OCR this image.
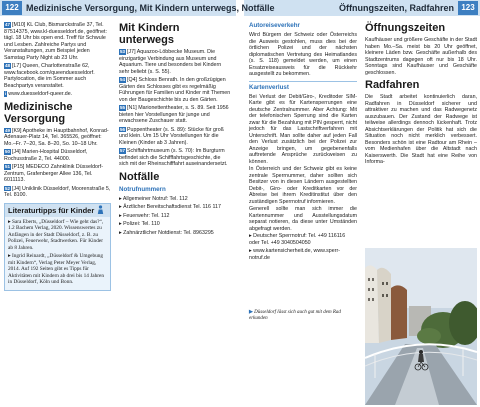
122 Medizinische Versorgung, Mit Kindern unterwegs, Notfälle	Öffnungszeiten, Radfahren 123
47 [M10] KL Club, Bismarckstraße 37, Tel. 87514375, www.kl-duesseldorf.de, geöffnet: tägl. 18 Uhr bis open end. Treff für Schwule und Lesben. Zahlreiche Partys und Veranstaltungen, zum Beispiel jeden Samstag Party Night ab 23 Uhr.
48 [L7] Queen, Charlottenstraße 62, www.facebook.com/queenduesseldorf. Partylocation, die im Sommer auch Beachpartys veranstaltet.
i www.duesseldorf-queer.de.
Medizinische Versorgung
49 [K9] Apotheke im Hauptbahnhof, Konrad-Adenauer-Platz 14, Tel. 365526, geöffnet: Mo.–Fr. 7–20, Sa. 8–20, So. 10–18 Uhr.
50 [J4] Marien-Hospital Düsseldorf, Rochusstraße 2, Tel. 44000.
51 [P15] MEDECO Zahnklinik Düsseldorf-Zentrum, Grafenberger Allee 136, Tel. 6011113.
52 [J4] Uniklinik Düsseldorf, Moorenstraße 5, Tel. 8100.
Literaturtipps für Kinder
▸ Sara Eberts, „Düsseldorf – Wie geht das?“, 1.2 Bachem Verlag, 2020. Wissenswertes zu Anfängen in der Stadt Düsseldorf, z. B. zu Polizei, Feuerwehr, Stadtwerken. Für Kinder ab 8 Jahren.
▸ Ingrid Reinardt, „Düsseldorf & Umgebung mit Kindern“, Verlag Peter Meyer Verlag, 2014. Auf 192 Seiten gibt es Tipps für Aktivitäten mit Kindern ab drei bis 14 Jahren in Düsseldorf, Köln und Bonn.
Mit Kindern unterwegs
53 [J7] Aquazoo-Löbbecke Museum. Die einzigartige Verbindung aus Museum und Aquarium. Tiere und besonders bei Kindern sehr beliebt (s. S. 55).
54 [Q4] Schloss Benrath. In den großzügigen Gärten des Schlosses gibt es regelmäßig Führungen für Familien und Kinder mit Themen von der Baugeschichte bis zu den Gärten.
55 [N1] Marionettentheater, s. S. 89. Seit 1956 bieten hier Vorstellungen für junge und erwachsene Zuschauer statt.
56 Puppentheater (s. S. 89): Stücke für groß und klein. Um 15 Uhr Vorstellungen für die Kleinen (Kinder ab 3 Jahren).
57 Schiffahrtmuseum (s. S. 70): Im Burgturm befindet sich die Schifffahrtsgeschichte, die sich mit der Rheinschifffahrt auseinandersetzt.
Notfälle
Notrufnummern
▸ Allgemeiner Notruf: Tel. 112
▸ Ärztlicher Bereitschaftsdienst Tel. 116 117
▸ Feuerwehr: Tel. 112
▸ Polizei: Tel. 110
▸ Zahnärztlicher Notdienst: Tel. 8963295
Autoreiseverkehr
Wird Bürgern der Schweiz oder Österreichs die Ausweis gestohlen, muss dies bei der örtlichen Polizei und der nächsten diplomatischen Vertretung des Heimatlandes (s. S. 118) gemeldet werden, um einen Ersatzreiseausweis für die Rückkehr ausgestellt zu bekommen.
Kartenverlust
Bei Verlust der Debit/Giro-, Kreditoder SIM-Karte gibt es für Kartensperrungen eine deutsche Zentralnummer. Aber Achtung: Mit der telefonischen Sperrung sind die Karten zwar für die Bezahlung mit PIN gesperrt, nicht jedoch für das Lastschriftverfahren mit Unterschrift. Man sollte daher auf jeden Fall den Verlust zusätzlich bei der Polizei zur Anzeige bringen, um gegebenenfalls auftretende Ansprüche zurückweisen zu können.
In Österreich und der Schweiz gibt es keine zentrale Sperrnummer, daher sollten sich Besitzer von in diesen Ländern ausgestellten Debit-, Giro- oder Kreditkarten vor der Abreise bei ihrem Kreditinstitut über den zuständigen Sperrnotruf informieren.
Generell sollte man sich immer die Kartennummer und Ausstellungsdatum separat notieren, da diese unter Umständen abgefragt werden.
▸ Deutscher Sperrnotruf: Tel. +49 116116 oder Tel. +49 3040504050
▸ www.kartensicherheit.de, www.sperr-notruf.de
▶ Düsseldorf lässt sich auch gut mit dem Rad erkunden
Öffnungszeiten
Kaufhäuser und größere Geschäfte in der Stadt haben Mo.–Sa. meist bis 20 Uhr geöffnet, kleinere Läden bzw. Geschäfte außerhalb des Stadtzentrums dagegen oft nur bis 18 Uhr. Sonntags sind Kaufhäuser und Geschäfte geschlossen.
Radfahren
Die Stadt arbeitet kontinuierlich daran, Radfahren in Düsseldorf sicherer und attraktiver zu machen und das Radwegenetz auszubauen. Der Zustand der Radwege ist teilweise allerdings dennoch lückenhaft. Trotz Absichtserklärungen der Politik hat sich die Situation noch nicht merklich verbessert. Besonders schön ist eine Radtour am Rhein – vom Medienhafen über die Altstadt nach Kaiserswerth. Die Stadt hat eine Reihe von Informa-
